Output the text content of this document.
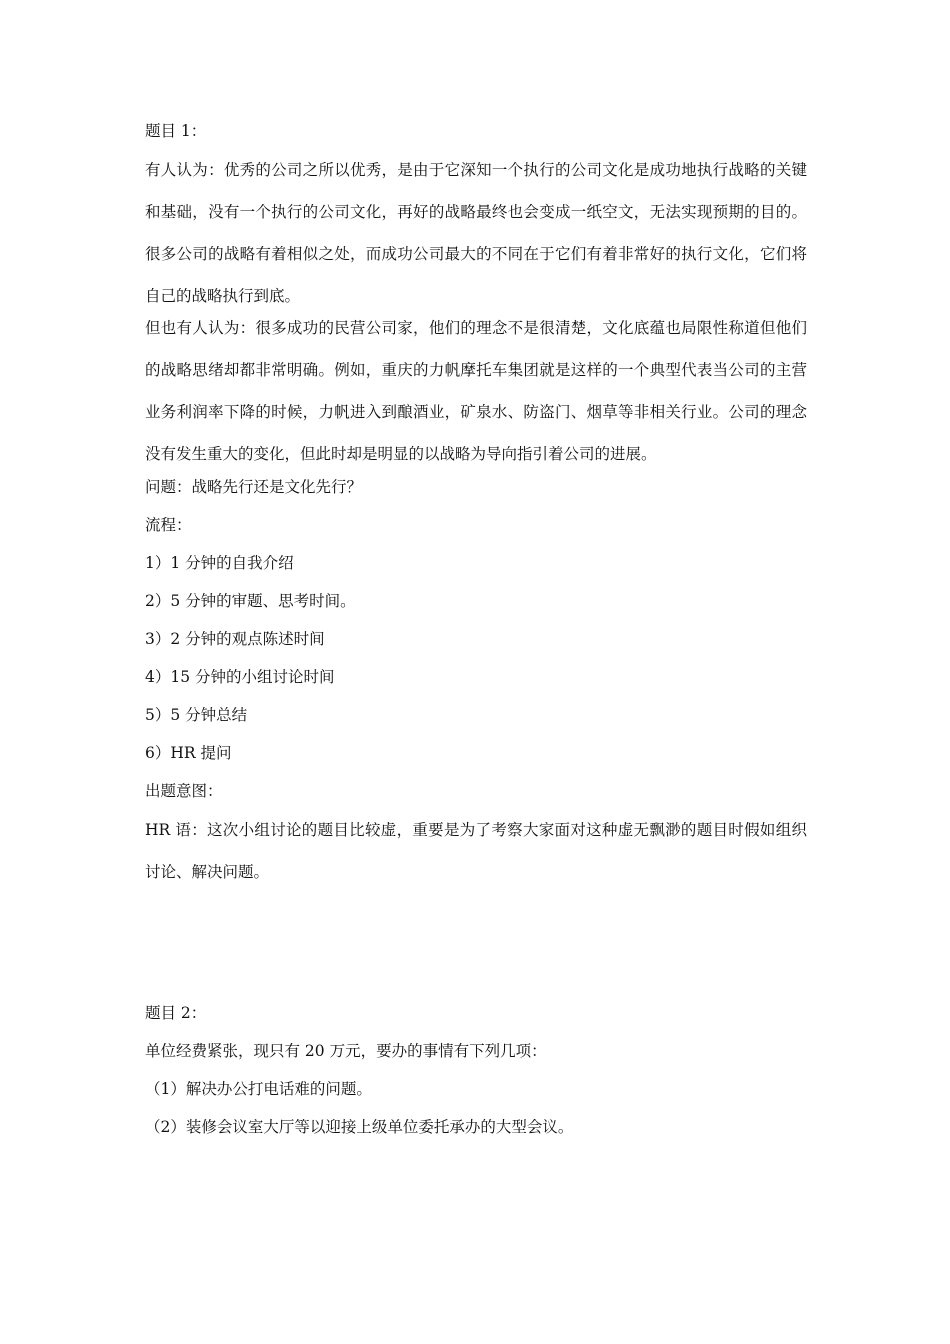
题目 1：

有人认为：优秀的公司之所以优秀，是由于它深知一个执行的公司文化是成功地执行战略的关键和基础，没有一个执行的公司文化，再好的战略最终也会变成一纸空文，无法实现预期的目的。很多公司的战略有着相似之处，而成功公司最大的不同在于它们有着非常好的执行文化，它们将自己的战略执行到底。

但也有人认为：很多成功的民营公司家，他们的理念不是很清楚，文化底蕴也局限性称道但他们的战略思绪却都非常明确。例如，重庆的力帆摩托车集团就是这样的一个典型代表当公司的主营业务利润率下降的时候，力帆进入到酿酒业，矿泉水、防盗门、烟草等非相关行业。公司的理念没有发生重大的变化，但此时却是明显的以战略为导向指引着公司的进展。

问题：战略先行还是文化先行？
流程：
1）1 分钟的自我介绍
2）5 分钟的审题、思考时间。
3）2 分钟的观点陈述时间
4）15 分钟的小组讨论时间
5）5 分钟总结
6）HR 提问
出题意图：

HR 语：这次小组讨论的题目比较虚，重要是为了考察大家面对这种虚无飘渺的题目时假如组织讨论、解决问题。

题目 2：
单位经费紧张，现只有 20 万元，要办的事情有下列几项：
（1）解决办公打电话难的问题。
（2）装修会议室大厅等以迎接上级单位委托承办的大型会议。
